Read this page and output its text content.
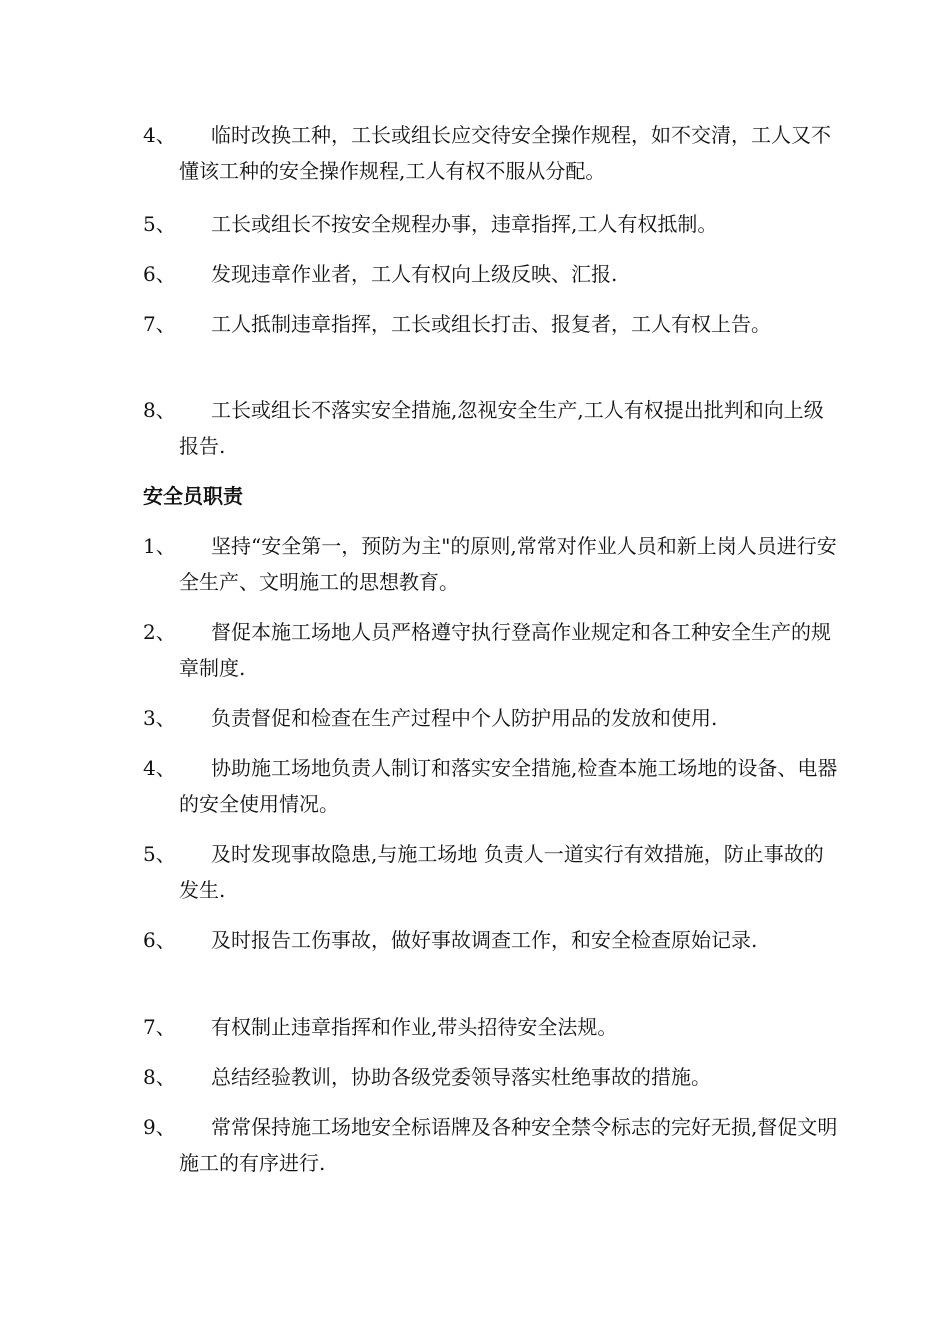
4、	临时改换工种，工长或组长应交待安全操作规程，如不交清，工人又不懂该工种的安全操作规程,工人有权不服从分配。
5、	工长或组长不按安全规程办事，违章指挥,工人有权抵制。
6、	发现违章作业者，工人有权向上级反映、汇报.
7、	工人抵制违章指挥，工长或组长打击、报复者，工人有权上告。
8、	工长或组长不落实安全措施,忽视安全生产,工人有权提出批判和向上级报告.
安全员职责
1、	坚持“安全第一，预防为主"的原则,常常对作业人员和新上岗人员进行安全生产、文明施工的思想教育。
2、	督促本施工场地人员严格遵守执行登高作业规定和各工种安全生产的规章制度.
3、	负责督促和检查在生产过程中个人防护用品的发放和使用.
4、	协助施工场地负责人制订和落实安全措施,检查本施工场地的设备、电器的安全使用情况。
5、	及时发现事故隐患,与施工场地 负责人一道实行有效措施，防止事故的发生.
6、	及时报告工伤事故，做好事故调查工作，和安全检查原始记录.
7、	有权制止违章指挥和作业,带头招待安全法规。
8、	总结经验教训，协助各级党委领导落实杜绝事故的措施。
9、	常常保持施工场地安全标语牌及各种安全禁令标志的完好无损,督促文明施工的有序进行.
